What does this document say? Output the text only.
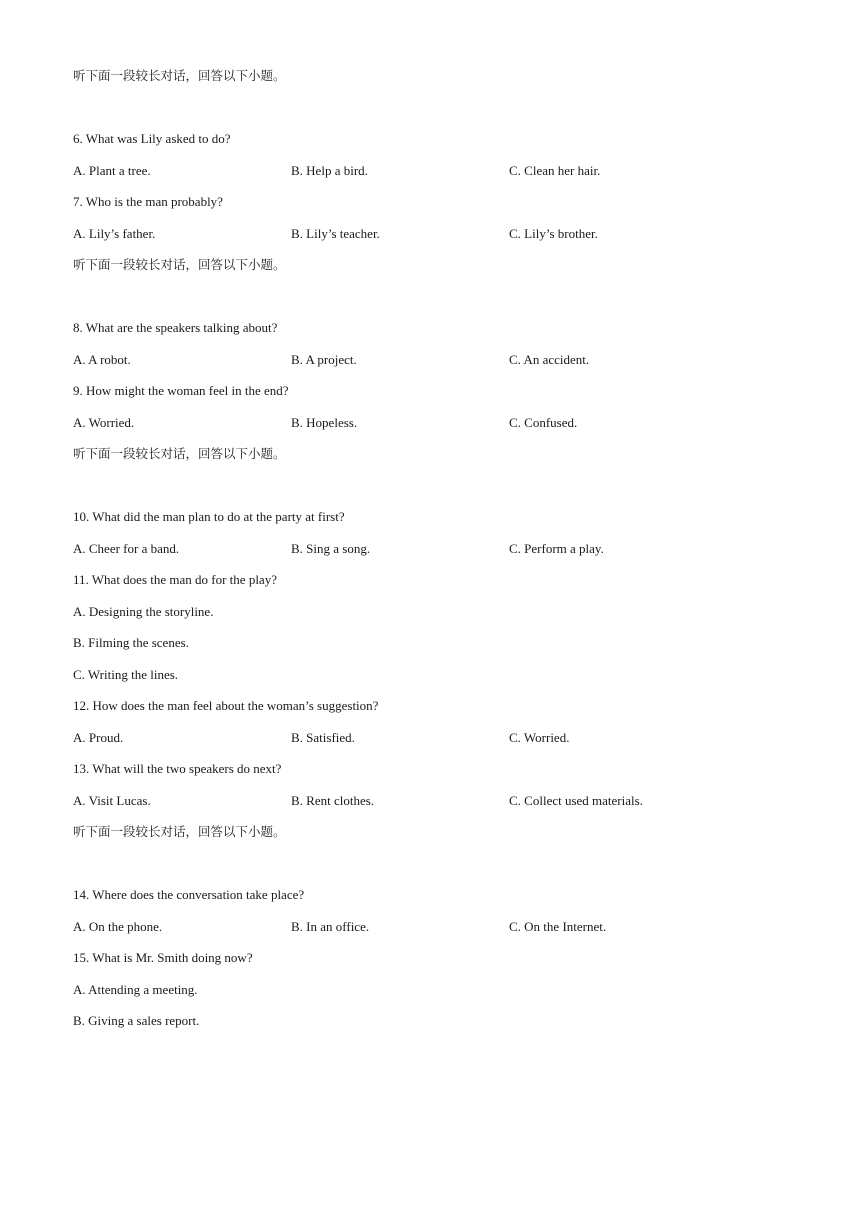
听下面一段较长对话，回答以下小题。
6. What was Lily asked to do?
A. Plant a tree.	B. Help a bird.	C. Clean her hair.
7. Who is the man probably?
A. Lily’s father.	B. Lily’s teacher.	C. Lily’s brother.
听下面一段较长对话，回答以下小题。
8. What are the speakers talking about?
A. A robot.	B. A project.	C. An accident.
9. How might the woman feel in the end?
A. Worried.	B. Hopeless.	C. Confused.
听下面一段较长对话，回答以下小题。
10. What did the man plan to do at the party at first?
A. Cheer for a band.	B. Sing a song.	C. Perform a play.
11. What does the man do for the play?
A. Designing the storyline.
B. Filming the scenes.
C. Writing the lines.
12. How does the man feel about the woman’s suggestion?
A. Proud.	B. Satisfied.	C. Worried.
13. What will the two speakers do next?
A. Visit Lucas.	B. Rent clothes.	C. Collect used materials.
听下面一段较长对话，回答以下小题。
14. Where does the conversation take place?
A. On the phone.	B. In an office.	C. On the Internet.
15. What is Mr. Smith doing now?
A. Attending a meeting.
B. Giving a sales report.
